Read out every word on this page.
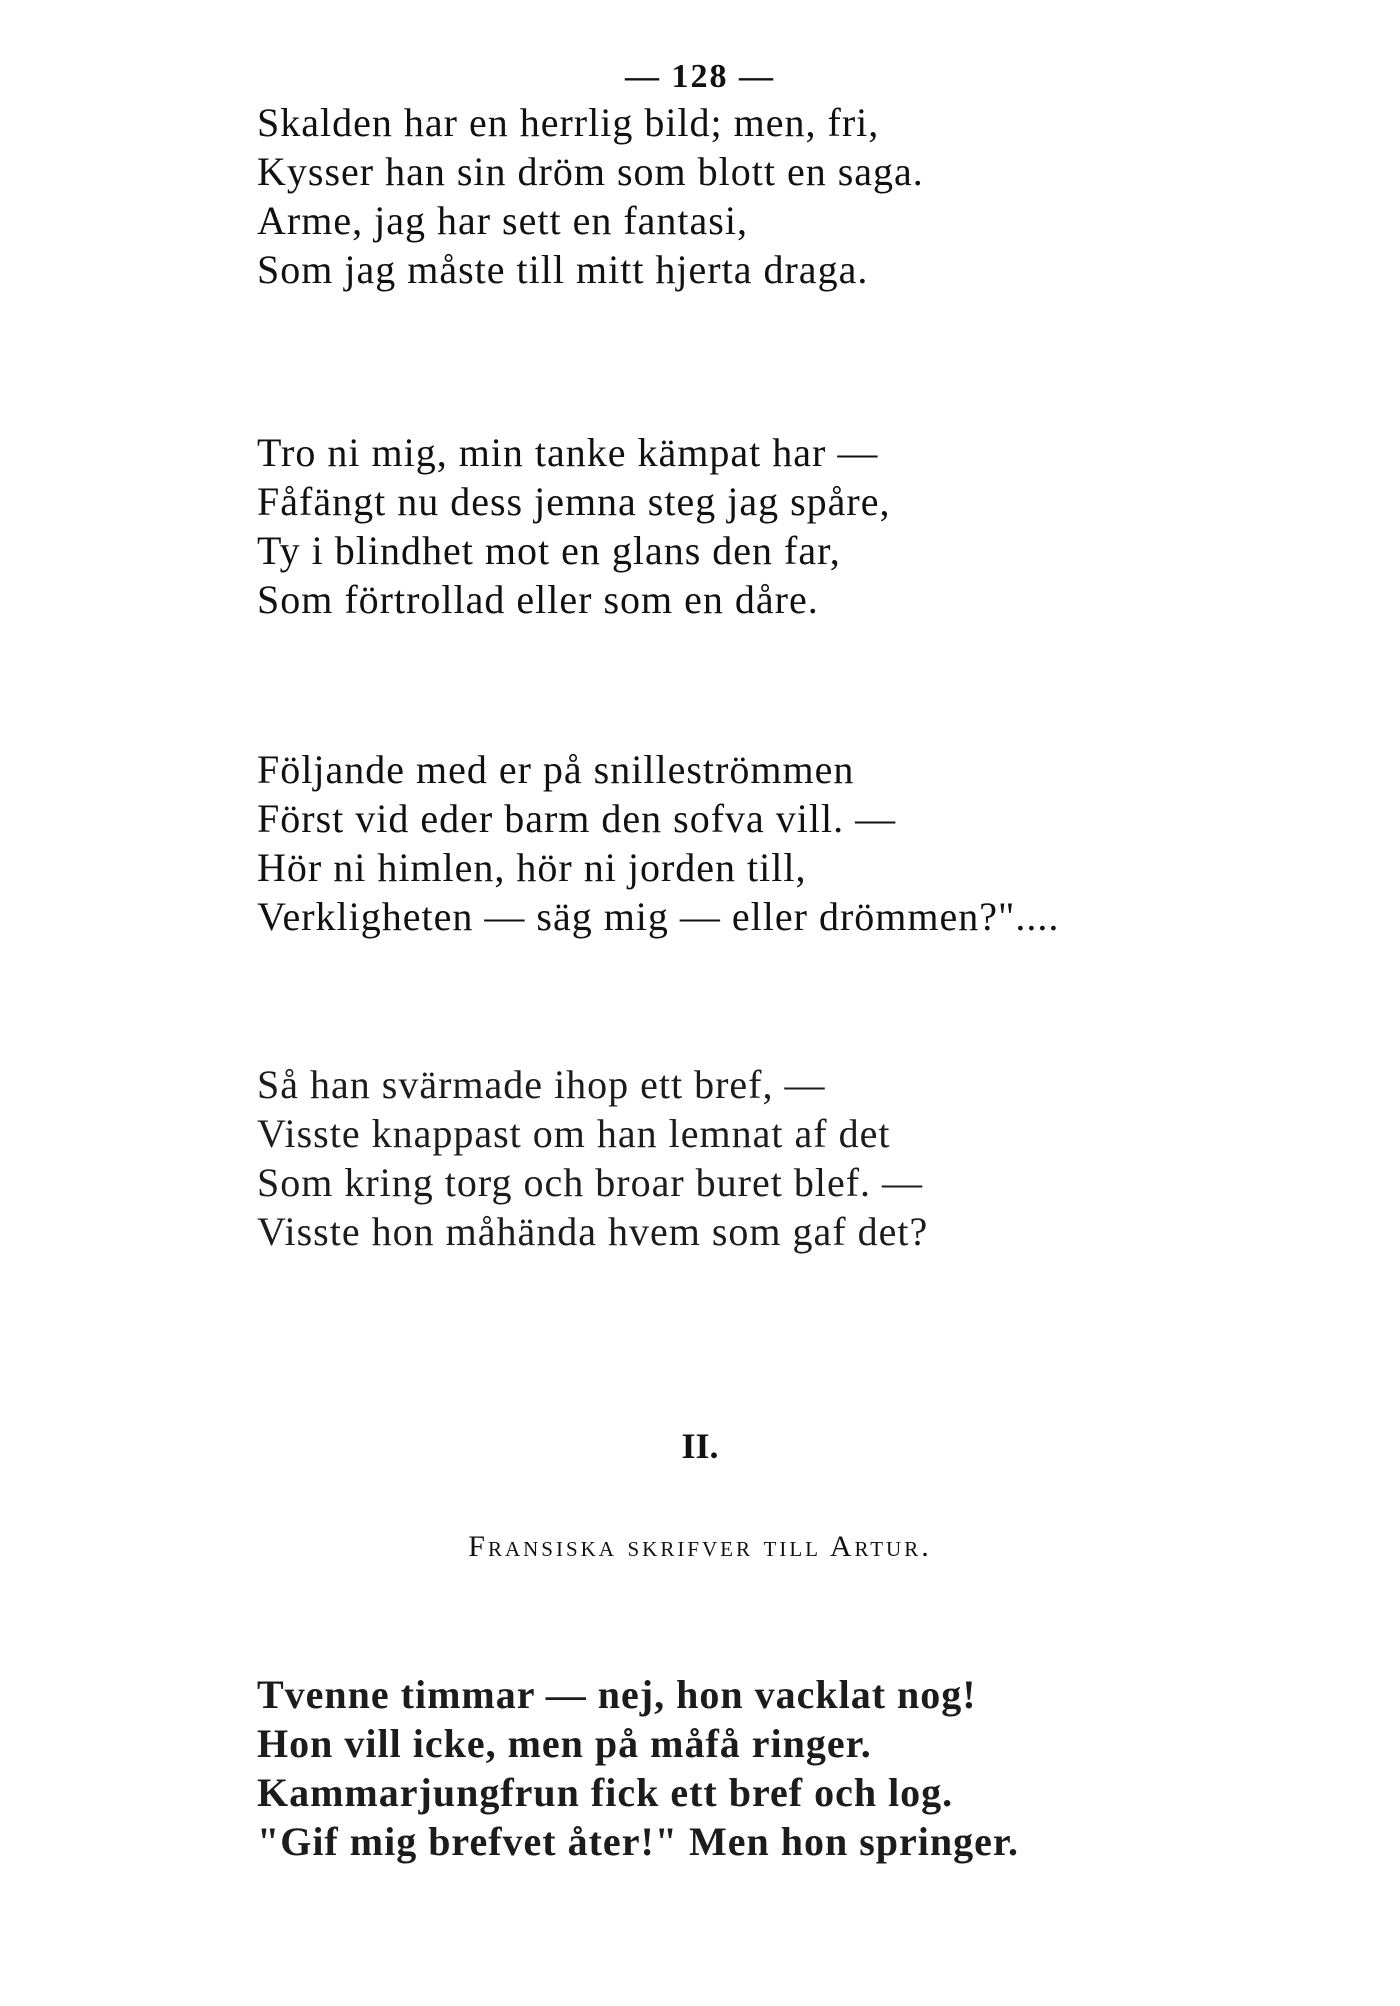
— 128 —
Skalden har en herrlig bild; men, fri,
Kysser han sin dröm som blott en saga.
Arme, jag har sett en fantasi,
Som jag måste till mitt hjerta draga.
Tro ni mig, min tanke kämpat har —
Fåfängt nu dess jemna steg jag spåre,
Ty i blindhet mot en glans den far,
Som förtrollad eller som en dåre.
Följande med er på snilleströmmen
Först vid eder barm den sofva vill. —
Hör ni himlen, hör ni jorden till,
Verkligheten — säg mig — eller drömmen?"....
Så han svärmade ihop ett bref, —
Visste knappast om han lemnat af det
Som kring torg och broar buret blef. —
Visste hon måhända hvem som gaf det?
II.
Fransiska skrifver till Artur.
Tvenne timmar — nej, hon vacklat nog!
Hon vill icke, men på måfå ringer.
Kammarjungfrun fick ett bref och log.
"Gif mig brefvet åter!" Men hon springer.
